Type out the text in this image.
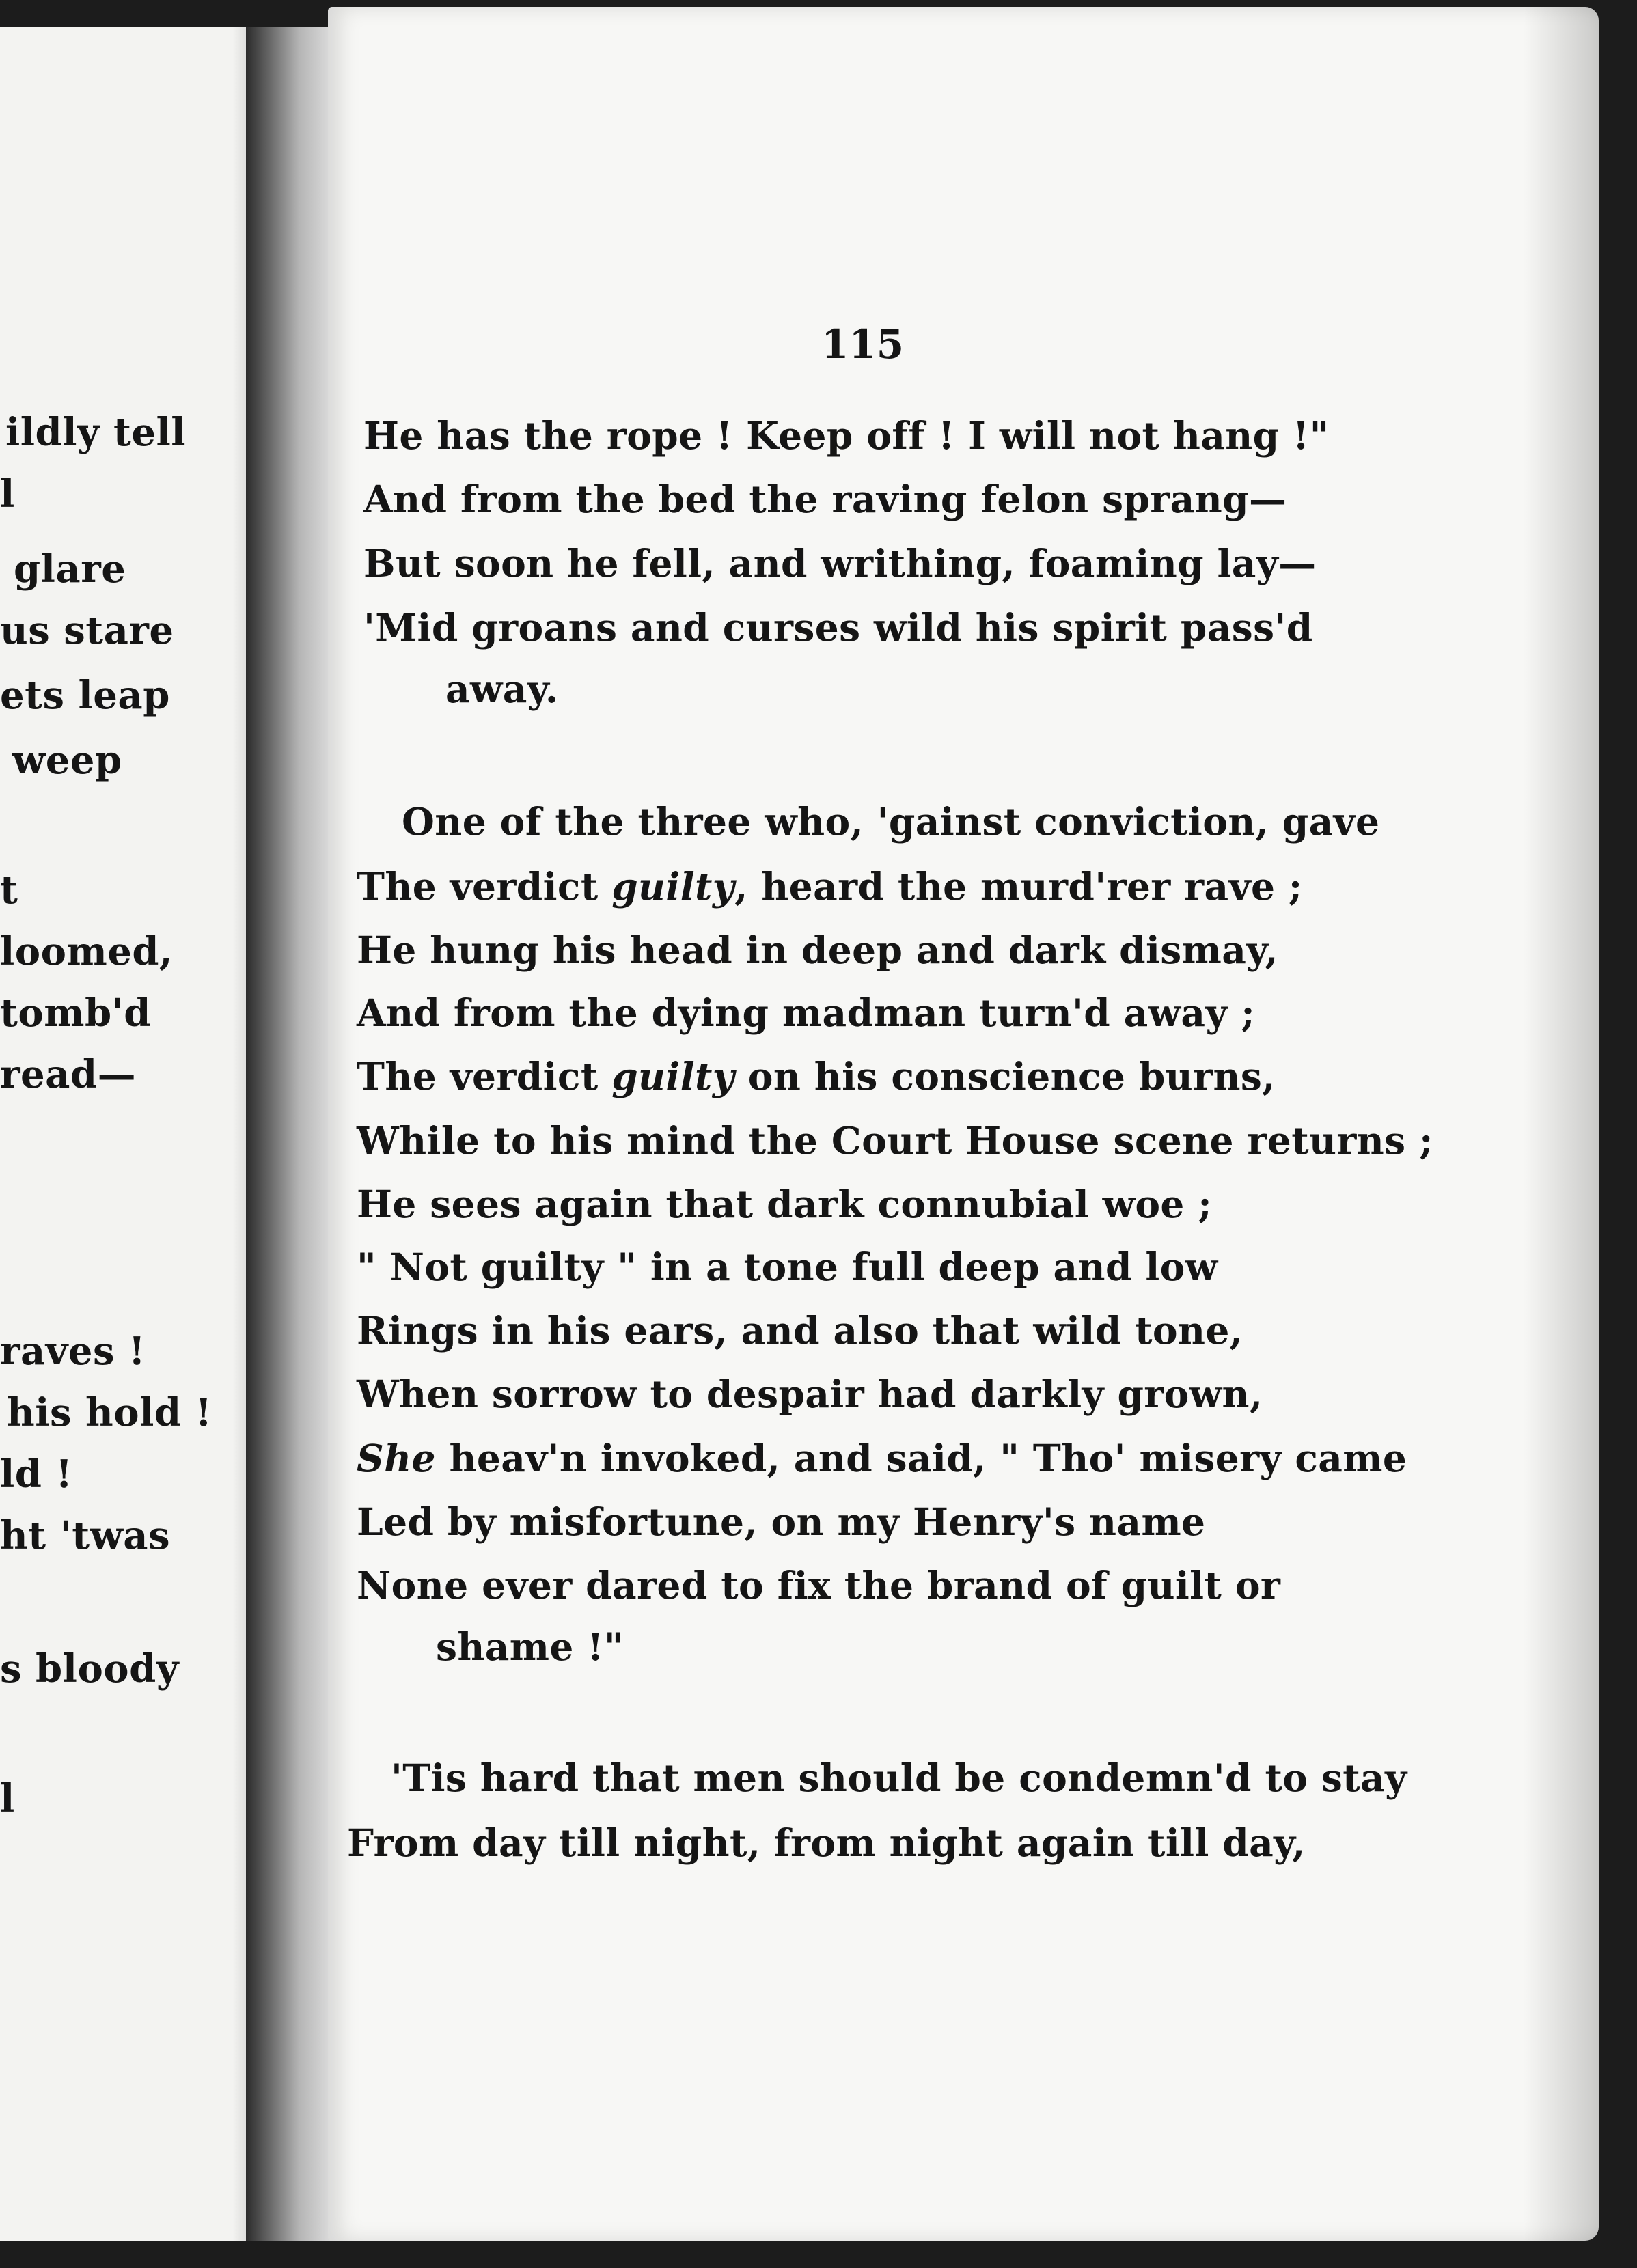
ildly tell
l
glare
us stare
ets leap
weep
t
loomed,
tomb'd
read—
raves !
his hold !
ld !
ht 'twas
s bloody
l
115
He has the rope ! Keep off ! I will not hang !"
And from the bed the raving felon sprang—
But soon he fell, and writhing, foaming lay—
'Mid groans and curses wild his spirit pass'd
away.
One of the three who, 'gainst conviction, gave
The verdict guilty, heard the murd'rer rave ;
He hung his head in deep and dark dismay,
And from the dying madman turn'd away ;
The verdict guilty on his conscience burns,
While to his mind the Court House scene returns ;
He sees again that dark connubial woe ;
" Not guilty " in a tone full deep and low
Rings in his ears, and also that wild tone,
When sorrow to despair had darkly grown,
She heav'n invoked, and said, " Tho' misery came
Led by misfortune, on my Henry's name
None ever dared to fix the brand of guilt or
shame !"
'Tis hard that men should be condemn'd to stay
From day till night, from night again till day,
